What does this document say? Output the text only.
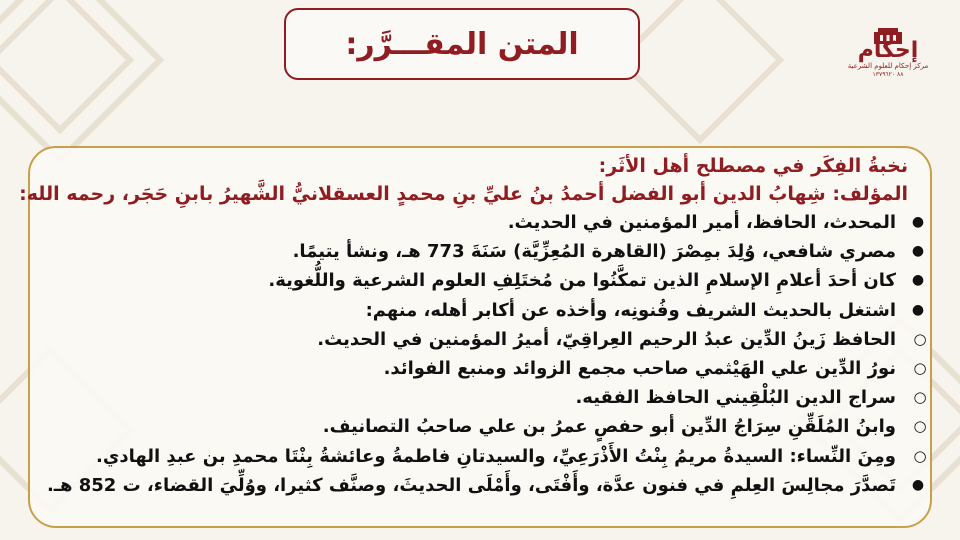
المتن المقـــرَّر:	إحكام
مركز إحكام للعلوم الشرعية
٨٨ ١٣٧٩٦٢٠
نخبةُ الفِكَر في مصطلح أهل الأثَر:
المؤلف: شِهابُ الدين أبو الفضل أحمدُ بنُ عليِّ بنِ محمدٍ العسقلانيُّ الشَّهيرُ بابنِ حَجَر، رحمه الله:
●
المحدث، الحافظ، أمير المؤمنين في الحديث.
●
مصري شافعي، وُلِدَ بمِصْرَ (القاهرة المُعِزِّيَّة) سَنَةَ 773 هـ، ونشأ يتيمًا.
●
كان أحدَ أعلامِ الإسلامِ الذين تمكَّنُوا من مُختَلِفِ العلوم الشرعية واللُّغوية.
●
اشتغل بالحديث الشريف وفُنونِه، وأخذه عن أكابر أهله، منهم:
○
الحافظ زَينُ الدِّين عبدُ الرحيم العِراقِيّ، أميرُ المؤمنين في الحديث.
○
نورُ الدِّين علي الهَيْثمي صاحب مجمع الزوائد ومنبع الفوائد.
○
سراج الدين البُلْقِيني الحافظ الفقيه.
○
وابنُ المُلَقِّنِ سِرَاجُ الدِّين أبو حفصٍ عمرُ بن علي صاحبُ التصانيف.
○
ومِنَ النِّساء: السيدةُ مريمُ بِنْتُ الأَذْرَعِيِّ، والسيدتانِ فاطمةُ وعائشةُ بِنْتَا محمدِ بن عبدِ الهادي.
●
تَصدَّرَ مجالِسَ العِلمِ في فنون عدَّة، وأَفْتَى، وأَمْلَى الحديثَ، وصنَّف كثيرا، ووُلِّيَ القضاء، ت 852 هـ.
